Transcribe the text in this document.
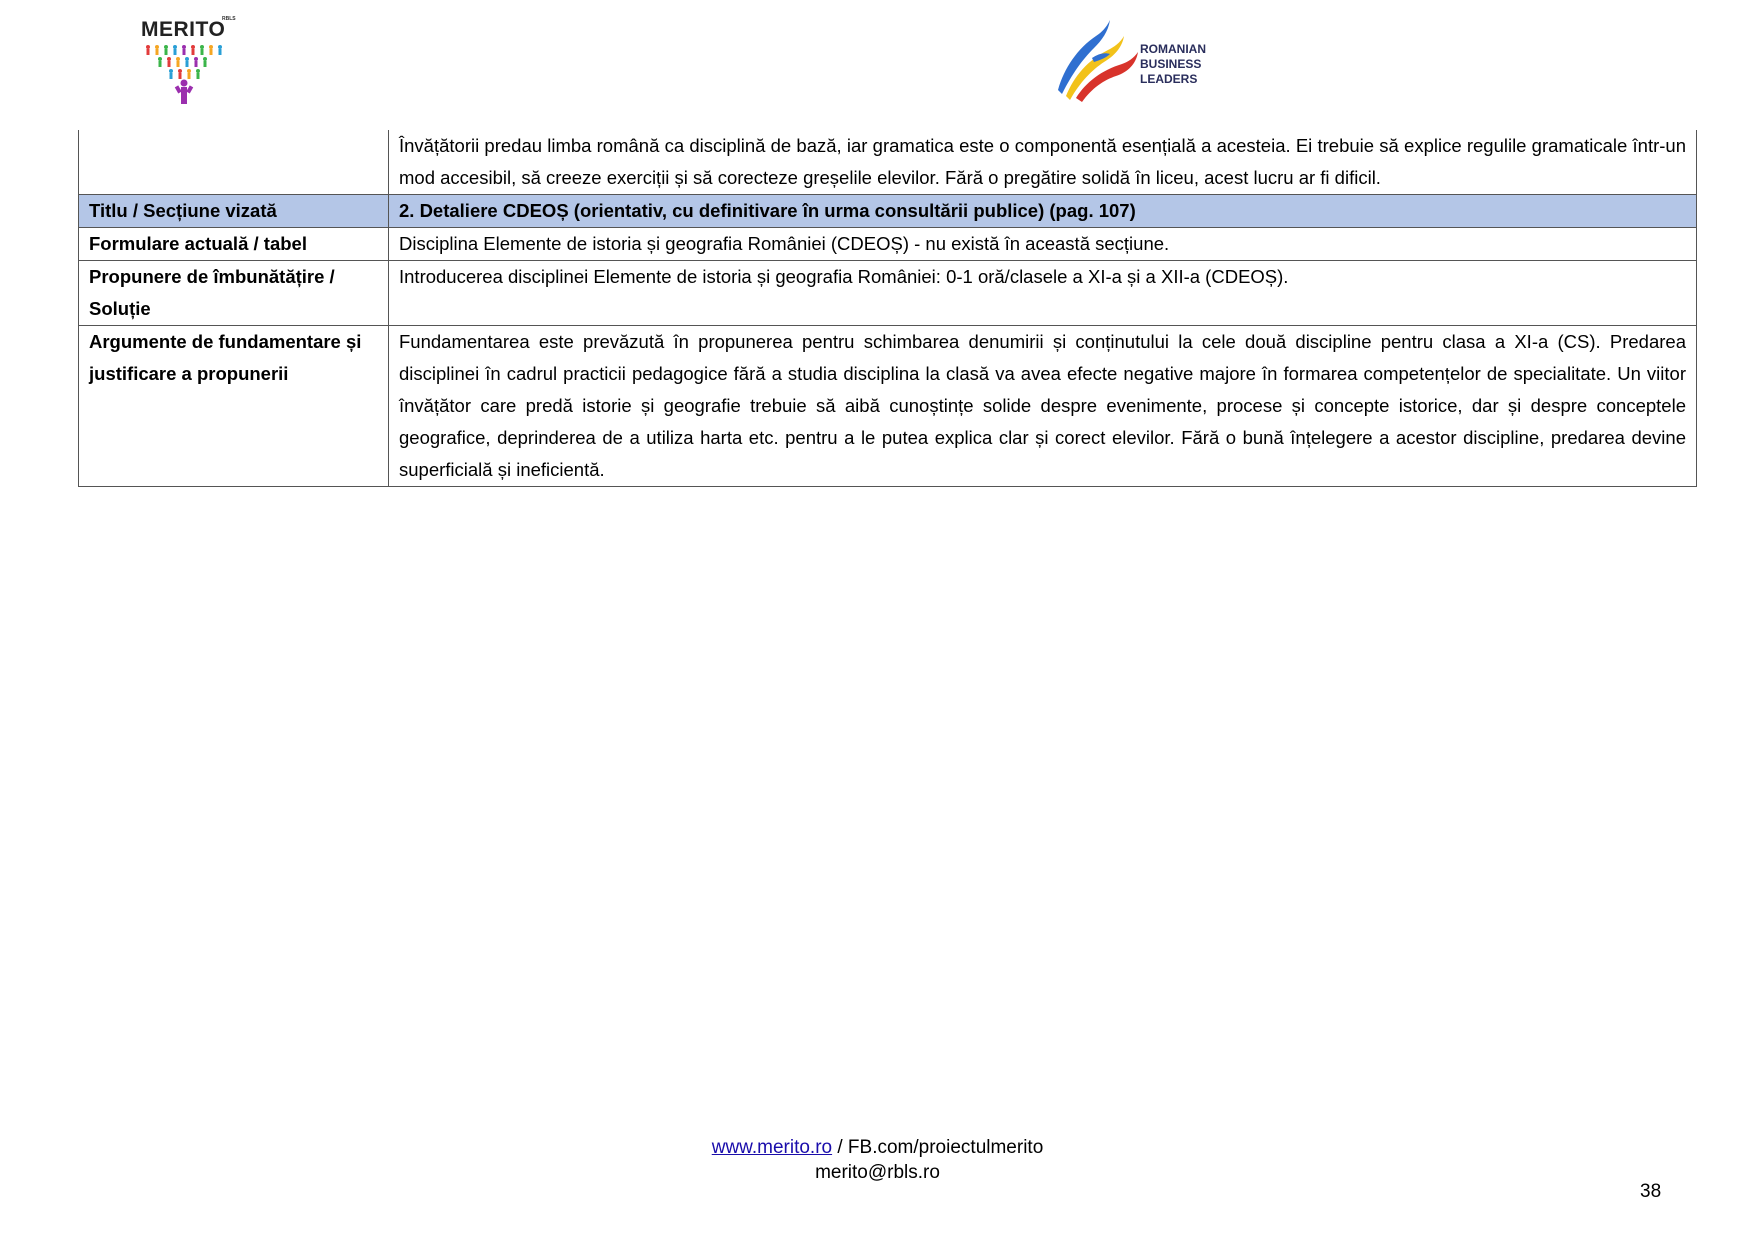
MERITO
RBLS
ROMANIAN
BUSINESS
LEADERS
	Învățătorii predau limba română ca disciplină de bază, iar gramatica este o componentă esențială a acesteia. Ei trebuie să explice regulile gramaticale într-un mod accesibil, să creeze exerciții și să corecteze greșelile elevilor. Fără o pregătire solidă în liceu, acest lucru ar fi dificil.
Titlu / Secțiune vizată	2. Detaliere CDEOȘ (orientativ, cu definitivare în urma consultării publice) (pag. 107)
Formulare actuală / tabel	Disciplina Elemente de istoria și geografia României (CDEOȘ) - nu există în această secțiune.
Propunere de îmbunătățire / Soluție	Introducerea disciplinei Elemente de istoria și geografia României: 0-1 oră/clasele a XI-a și a XII-a (CDEOȘ).
Argumente de fundamentare și justificare a propunerii	Fundamentarea este prevăzută în propunerea pentru schimbarea denumirii și conținutului la cele două discipline pentru clasa a XI-a (CS). Predarea disciplinei în cadrul practicii pedagogice fără a studia disciplina la clasă va avea efecte negative majore în formarea competențelor de specialitate. Un viitor învățător care predă istorie și geografie trebuie să aibă cunoștințe solide despre evenimente, procese și concepte istorice, dar și despre conceptele geografice, deprinderea de a utiliza harta etc. pentru a le putea explica clar și corect elevilor. Fără o bună înțelegere a acestor discipline, predarea devine superficială și ineficientă.
www.merito.ro / FB.com/proiectulmerito
merito@rbls.ro
38
